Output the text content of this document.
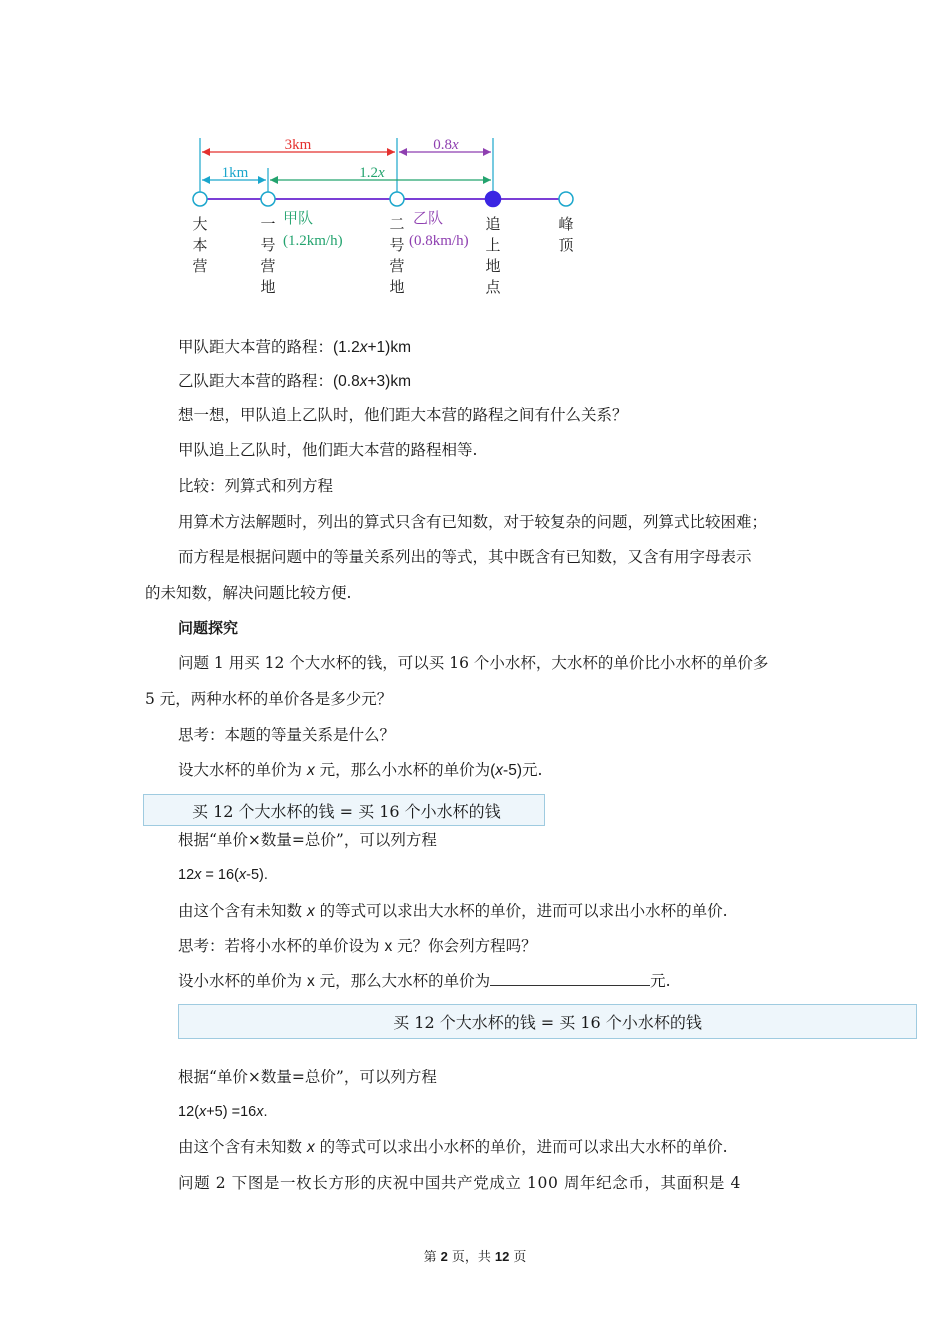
3km	0.8x
1km	1.2x
甲队
(1.2km/h)
乙队
(0.8km/h)
大
本
营
一
号
营
地
二
号
营
地
追
上
地
点
峰
顶
甲队距大本营的路程：(1.2x+1)km
乙队距大本营的路程：(0.8x+3)km
想一想，甲队追上乙队时，他们距大本营的路程之间有什么关系？
甲队追上乙队时，他们距大本营的路程相等.
比较：列算式和列方程
用算术方法解题时，列出的算式只含有已知数，对于较复杂的问题，列算式比较困难；
而方程是根据问题中的等量关系列出的等式，其中既含有已知数，又含有用字母表示
的未知数，解决问题比较方便.
问题探究
问题 1 用买 12 个大水杯的钱，可以买 16 个小水杯，大水杯的单价比小水杯的单价多
5 元，两种水杯的单价各是多少元？
思考：本题的等量关系是什么？
设大水杯的单价为 x 元，那么小水杯的单价为(x-5)元.
买 12 个大水杯的钱 = 买 16 个小水杯的钱
根据“单价×数量=总价”，可以列方程
12x = 16(x-5).
由这个含有未知数 x 的等式可以求出大水杯的单价，进而可以求出小水杯的单价.
思考：若将小水杯的单价设为 x 元？你会列方程吗？
设小水杯的单价为 x 元，那么大水杯的单价为	元.
买 12 个大水杯的钱 = 买 16 个小水杯的钱
根据“单价×数量=总价”，可以列方程
12(x+5) =16x.
由这个含有未知数 x 的等式可以求出小水杯的单价，进而可以求出大水杯的单价.
问题 2 下图是一枚长方形的庆祝中国共产党成立 100 周年纪念币，其面积是 4
第 2 页，共 12 页
